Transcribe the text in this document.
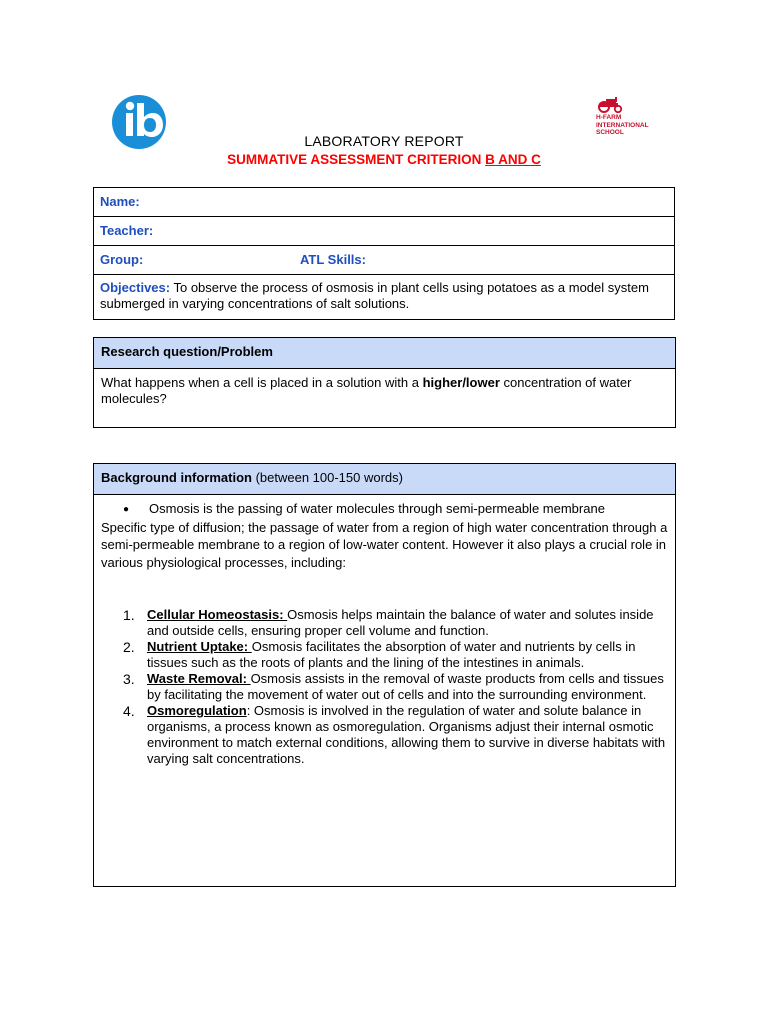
H-FARM
INTERNATIONAL
SCHOOL
LABORATORY REPORT
SUMMATIVE ASSESSMENT CRITERION B AND C
Name:
Teacher:
Group:	ATL Skills:
Objectives: To observe the process of osmosis in plant cells using potatoes as a model system submerged in varying concentrations of salt solutions.
Research question/Problem
What happens when a cell is placed in a solution with a higher/lower concentration of water molecules?
Background information (between 100-150 words)
● Osmosis is the passing of water molecules through semi-permeable membrane
Specific type of diffusion; the passage of water from a region of high water concentration through a semi-permeable membrane to a region of low-water content. However it also plays a crucial role in various physiological processes, including:
1. Cellular Homeostasis: Osmosis helps maintain the balance of water and solutes inside and outside cells, ensuring proper cell volume and function.
2. Nutrient Uptake: Osmosis facilitates the absorption of water and nutrients by cells in tissues such as the roots of plants and the lining of the intestines in animals.
3. Waste Removal: Osmosis assists in the removal of waste products from cells and tissues by facilitating the movement of water out of cells and into the surrounding environment.
4. Osmoregulation: Osmosis is involved in the regulation of water and solute balance in organisms, a process known as osmoregulation. Organisms adjust their internal osmotic environment to match external conditions, allowing them to survive in diverse habitats with varying salt concentrations.
